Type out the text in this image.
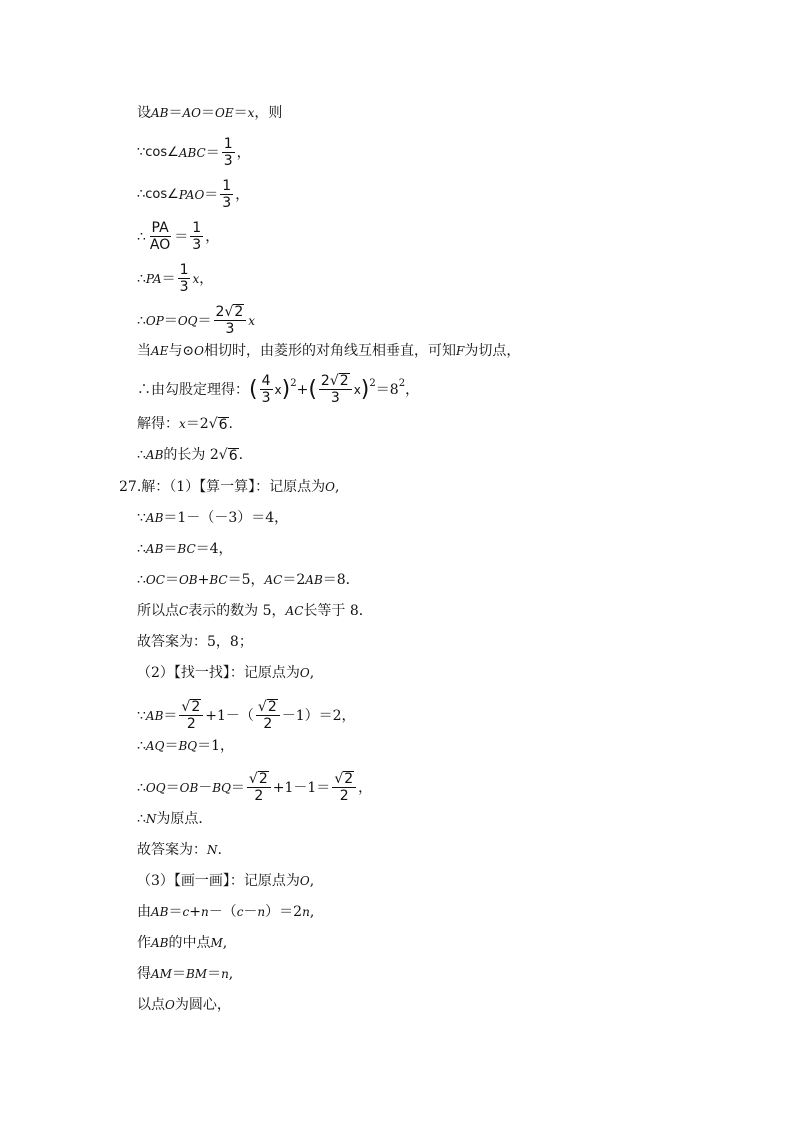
设 AB ＝ AO ＝ OE ＝ x ，则
∵cos∠ ABC ＝ $\frac{1}{3}$ ，
∴cos∠ PAO ＝ $\frac{1}{3}$ ，
∴ $\frac{PA}{AO} = \frac{1}{3}$ ，
∴ PA ＝ $\frac{1}{3}$ x ，
∴ OP ＝ OQ ＝ $\frac{2 √ 2}{3}$ x
当 AE 与⊙ O 相切时，由菱形的对角线互相垂直，可知 F 为切点，
∴由勾股定理得： ( $\frac{4}{3}$ x ) 2 + ( $\frac{2 √ 2}{3}$ x ) 2 ＝8 2 ，
解得： x ＝2 √ 6 .
∴ AB 的长为 2 √ 6 .
27.解：（1）【算一算】：记原点为 O ,
∵ AB ＝1－（－3）＝4，
∴ AB ＝ BC ＝4，
∴ OC ＝ OB + BC ＝5， AC ＝2 AB ＝8．
所以点 C 表示的数为 5， AC 长等于 8．
故答案为：5，8；
（2）【找一找】：记原点为 O ,
∵ AB ＝ $\frac{√ 2}{2} +1-( \frac{√ 2}{2} -1)=2$，
∴ AQ ＝ BQ ＝1，
∴ OQ ＝ OB － BQ ＝ $\frac{√ 2}{2} +1-1= \frac{√ 2}{2}$ ，
∴ N 为原点．
故答案为： N .
（3）【画一画】：记原点为 O ,
由 AB ＝ c + n －（ c － n ）＝2 n ,
作 AB 的中点 M ,
得 AM ＝ BM ＝ n ,
以点 O 为圆心，
